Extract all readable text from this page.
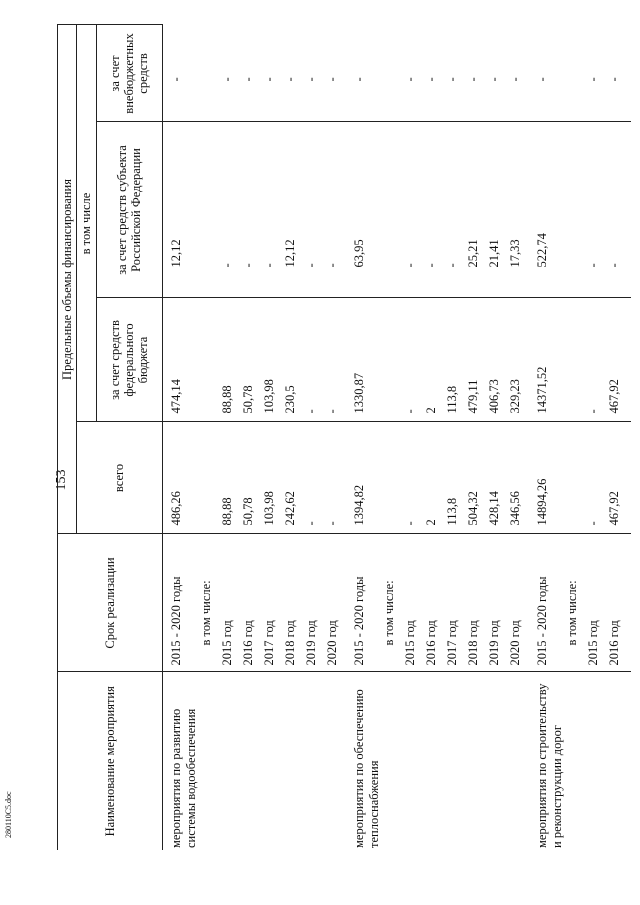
153
280110C5.doc	Наименование мероприятия	Срок реализации	Предельные объемы финансирования			
		всего	в том числе		
			за счет средств федерального бюджета	за счет средств субъекта Российской Федерации	за счет внебюджетных средств
мероприятия по развитию системы водообеспечения	2015 - 2020 годы	486,26	474,14	12,12	-
	в том числе:				
	2015 год	88,88	88,88	-	-
	2016 год	50,78	50,78	-	-
	2017 год	103,98	103,98	-	-
	2018 год	242,62	230,5	12,12	-
	2019 год	-	-	-	-
	2020 год	-	-	-	-
мероприятия по обеспечению теплоснабжения	2015 - 2020 годы	1394,82	1330,87	63,95	-
	в том числе:				
	2015 год	-	-	-	-
	2016 год	2	2	-	-
	2017 год	113,8	113,8	-	-
	2018 год	504,32	479,11	25,21	-
	2019 год	428,14	406,73	21,41	-
	2020 год	346,56	329,23	17,33	-
мероприятия по строительству и реконструкции дорог	2015 - 2020 годы	14894,26	14371,52	522,74	-
	в том числе:				
	2015 год	-	-	-	-
	2016 год	467,92	467,92	-	-
